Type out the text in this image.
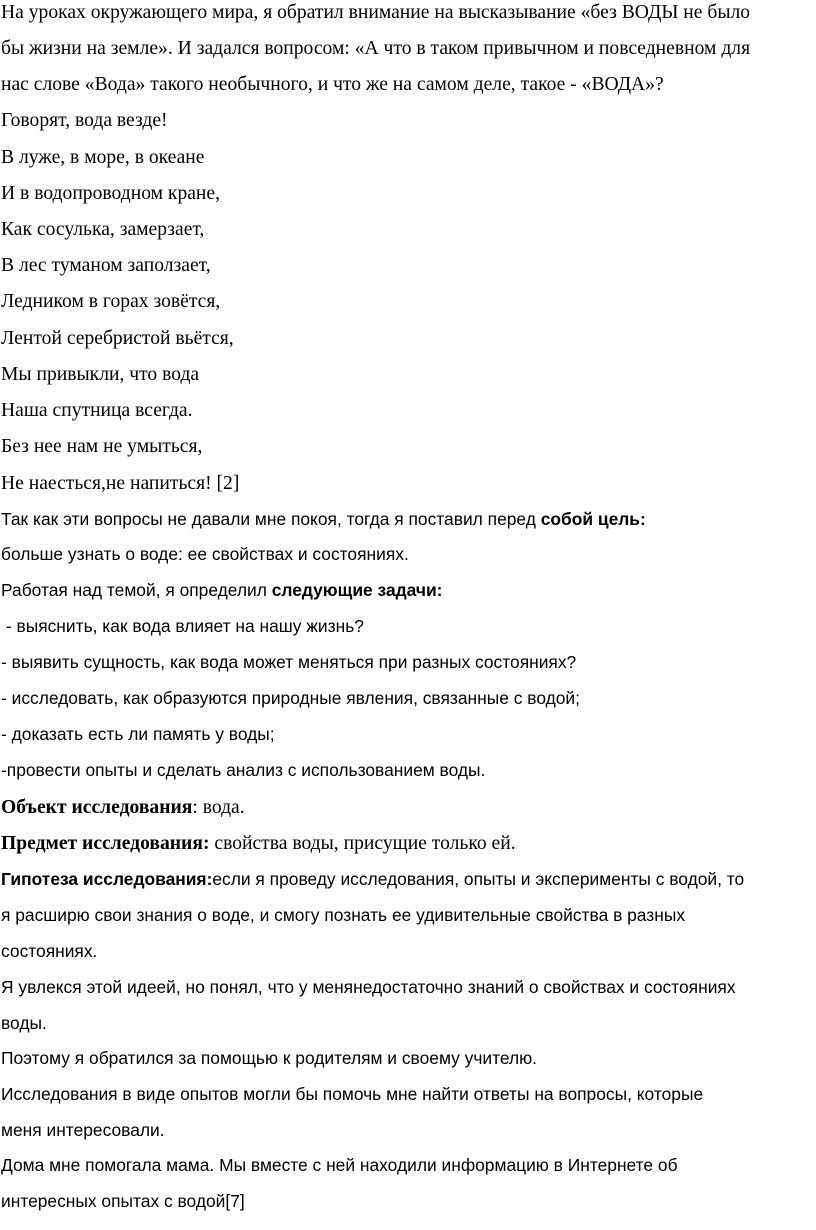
На уроках окружающего мира, я обратил внимание на высказывание «без ВОДЫ не было

бы жизни на земле». И задался вопросом: «А что в таком привычном и повседневном для

нас слове «Вода» такого необычного, и что же на самом деле, такое - «ВОДА»?

Говорят, вода везде!

В луже, в море, в океане

И в водопроводном кране,

Как сосулька, замерзает,

В лес туманом заползает,

Ледником в горах зовётся,

Лентой серебристой вьётся,

Мы привыкли, что вода

Наша спутница всегда.

Без нее нам не умыться,

Не наесться,не напиться! [2]

Так как эти вопросы не давали мне покоя, тогда я поставил перед собой цель:

больше узнать о воде: ее свойствах и состояниях.

Работая над темой, я определил следующие задачи:

- выяснить, как вода влияет на нашу жизнь?

- выявить сущность, как вода может меняться при разных состояниях?

- исследовать, как образуются природные явления, связанные с водой;

- доказать есть ли память у воды;

-провести опыты и сделать анализ с использованием воды.

Объект исследования: вода.

Предмет исследования: свойства воды, присущие только ей.

Гипотеза исследования:если я проведу исследования, опыты и эксперименты с водой, то

я расширю свои знания о воде, и смогу познать ее удивительные свойства в разных

состояниях.

Я увлекся этой идеей, но понял, что у менянедостаточно знаний о свойствах и состояниях

воды.

Поэтому я обратился за помощью к родителям и своему учителю.

Исследования в виде опытов могли бы помочь мне найти ответы на вопросы, которые

меня интересовали.

Дома мне помогала мама. Мы вместе с ней находили информацию в Интернете об

интересных опытах с водой[7]
